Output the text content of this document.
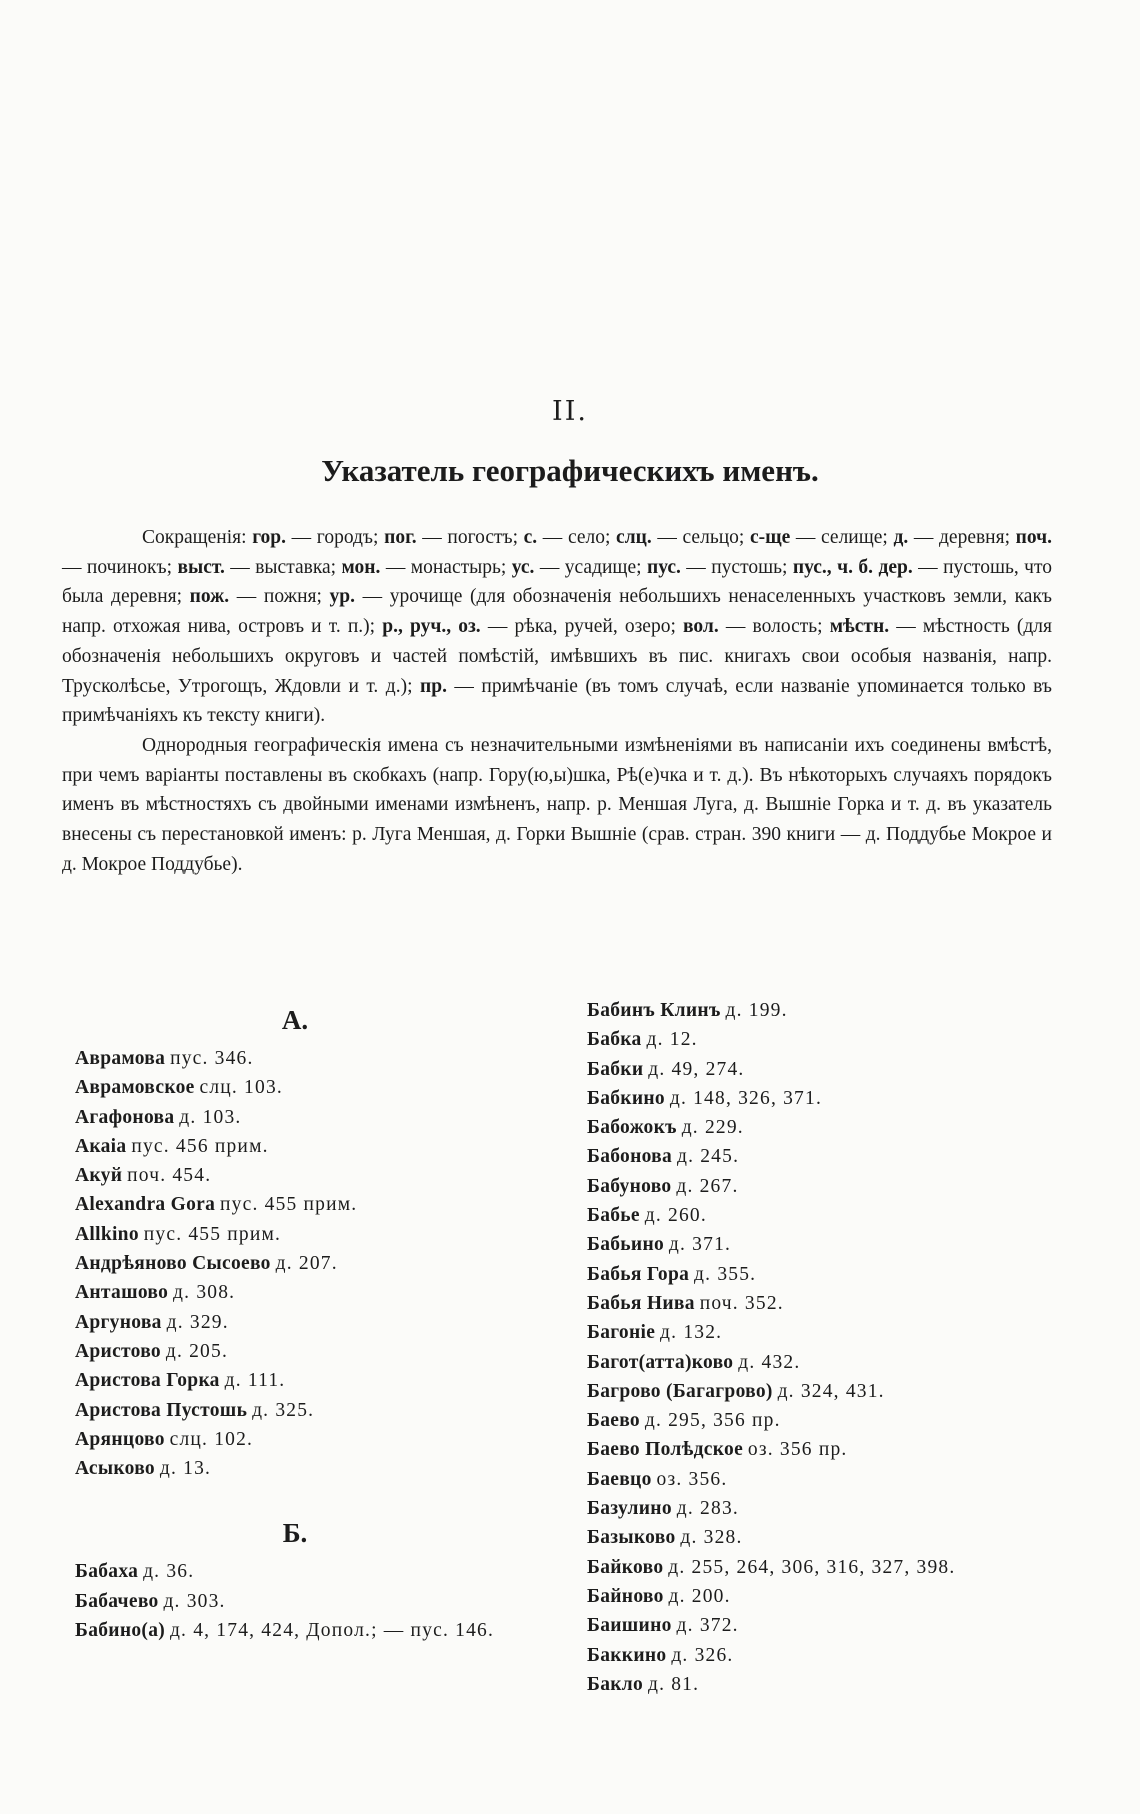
II.
Указатель географическихъ именъ.

Сокращенія: гор. — городъ; пог. — погостъ; с. — село; слц. — сельцо; с-ще — селище; д. — деревня; поч. — починокъ; выст. — выставка; мон. — монастырь; ус. — усадище; пус. — пустошь; пус., ч. б. дер. — пустошь, что была деревня; пож. — пожня; ур. — урочище (для обозначенія небольшихъ ненаселенныхъ участковъ земли, какъ напр. отхожая нива, островъ и т. п.); р., руч., оз. — рѣка, ручей, озеро; вол. — волость; мѣстн. — мѣстность (для обозначенія небольшихъ округовъ и частей помѣстій, имѣвшихъ въ пис. книгахъ свои особыя названія, напр. Трусколѣсье, Утрогощъ, Ждовли и т. д.); пр. — примѣчаніе (въ томъ случаѣ, если названіе упоминается только въ примѣчаніяхъ къ тексту книги).

Однородныя географическія имена съ незначительными измѣненіями въ написаніи ихъ соединены вмѣстѣ, при чемъ варіанты поставлены въ скобкахъ (напр. Гору(ю,ы)шка, Рѣ(е)чка и т. д.). Въ нѣкоторыхъ случаяхъ порядокъ именъ въ мѣстностяхъ съ двойными именами измѣненъ, напр. р. Меншая Луга, д. Вышніе Горка и т. д. въ указатель внесены съ перестановкой именъ: р. Луга Меншая, д. Горки Вышніе (срав. стран. 390 книги — д. Поддубье Мокрое и д. Мокрое Поддубье).

А.
Аврамова пус. 346.
Аврамовское слц. 103.
Агафонова д. 103.
Акаіа пус. 456 прим.
Акуй поч. 454.
Alexandra Gora пус. 455 прим.
Allkino пус. 455 прим.
Андрѣяново Сысоево д. 207.
Анташово д. 308.
Аргунова д. 329.
Аристово д. 205.
Аристова Горка д. 111.
Аристова Пустошь д. 325.
Арянцово слц. 102.
Асыково д. 13.
Б.
Бабаха д. 36.
Бабачево д. 303.
Бабино(а) д. 4, 174, 424, Допол.; — пус. 146.
Бабинъ Клинъ д. 199.
Бабка д. 12.
Бабки д. 49, 274.
Бабкино д. 148, 326, 371.
Бабожокъ д. 229.
Бабонова д. 245.
Бабуново д. 267.
Бабье д. 260.
Бабьино д. 371.
Бабья Гора д. 355.
Бабья Нива поч. 352.
Багоніе д. 132.
Багот(атта)ково д. 432.
Багрово (Багагрово) д. 324, 431.
Баево д. 295, 356 пр.
Баево Полѣдское оз. 356 пр.
Баевцо оз. 356.
Базулино д. 283.
Базыково д. 328.
Байково д. 255, 264, 306, 316, 327, 398.
Байново д. 200.
Баишино д. 372.
Баккино д. 326.
Бакло д. 81.
